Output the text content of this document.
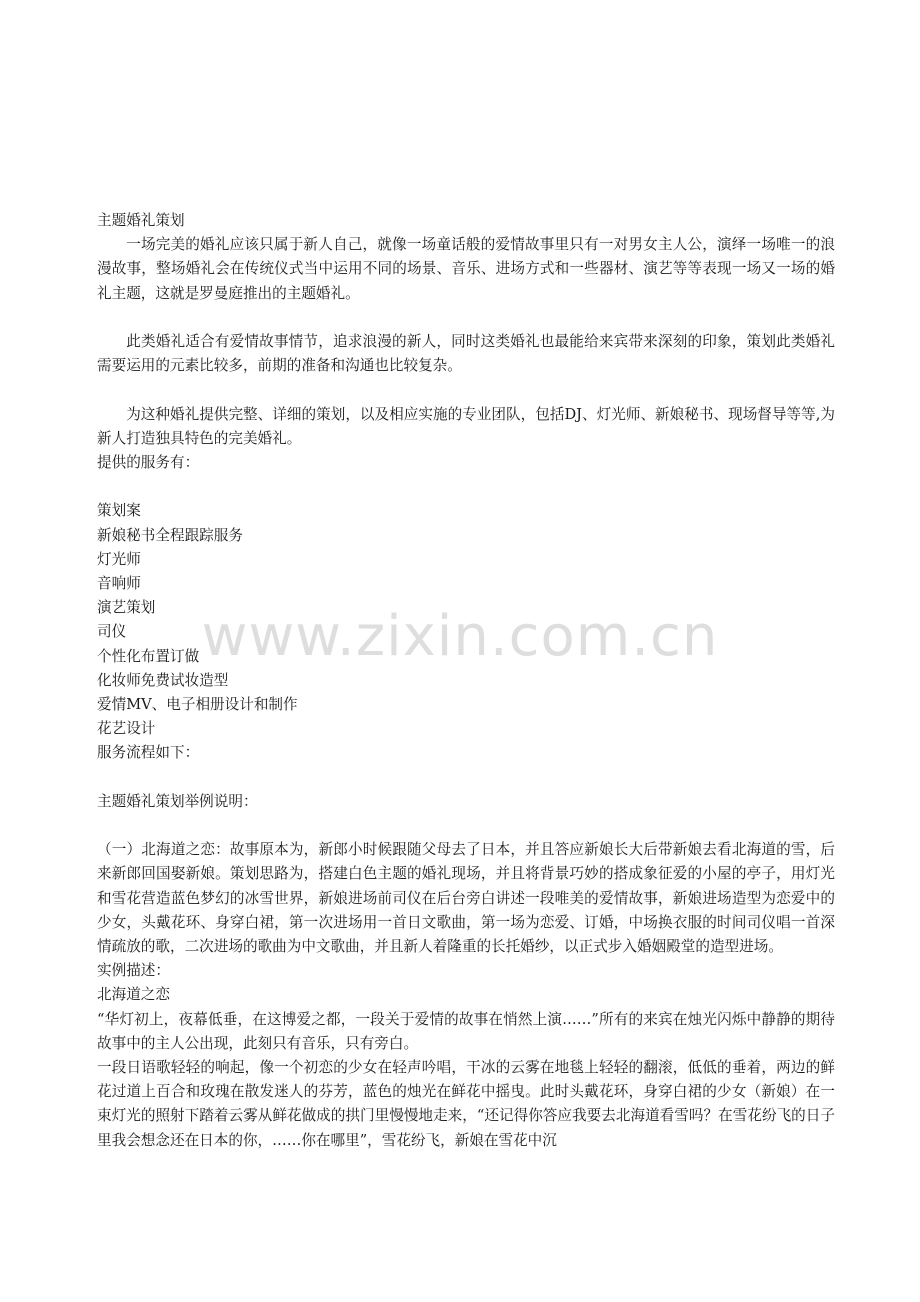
www.zixin.com.cn

主题婚礼策划

一场完美的婚礼应该只属于新人自己，就像一场童话般的爱情故事里只有一对男女主人公，演绎一场唯一的浪漫故事，整场婚礼会在传统仪式当中运用不同的场景、音乐、进场方式和一些器材、演艺等等表现一场又一场的婚礼主题，这就是罗曼庭推出的主题婚礼。

此类婚礼适合有爱情故事情节，追求浪漫的新人，同时这类婚礼也最能给来宾带来深刻的印象，策划此类婚礼需要运用的元素比较多，前期的准备和沟通也比较复杂。

为这种婚礼提供完整、详细的策划，以及相应实施的专业团队，包括DJ、灯光师、新娘秘书、现场督导等等,为新人打造独具特色的完美婚礼。

提供的服务有：

策划案

新娘秘书全程跟踪服务

灯光师

音响师

演艺策划

司仪

个性化布置订做

化妆师免费试妆造型

爱情MV、电子相册设计和制作

花艺设计

服务流程如下：

主题婚礼策划举例说明：

（一）北海道之恋：故事原本为，新郎小时候跟随父母去了日本，并且答应新娘长大后带新娘去看北海道的雪，后来新郎回国娶新娘。策划思路为，搭建白色主题的婚礼现场，并且将背景巧妙的搭成象征爱的小屋的亭子，用灯光和雪花营造蓝色梦幻的冰雪世界，新娘进场前司仪在后台旁白讲述一段唯美的爱情故事，新娘进场造型为恋爱中的少女，头戴花环、身穿白裙，第一次进场用一首日文歌曲，第一场为恋爱、订婚，中场换衣服的时间司仪唱一首深情疏放的歌，二次进场的歌曲为中文歌曲，并且新人着隆重的长托婚纱，以正式步入婚姻殿堂的造型进场。

实例描述：

北海道之恋

“华灯初上，夜幕低垂，在这博爱之都，一段关于爱情的故事在悄然上演……”所有的来宾在烛光闪烁中静静的期待故事中的主人公出现，此刻只有音乐，只有旁白。

一段日语歌轻轻的响起，像一个初恋的少女在轻声吟唱，干冰的云雾在地毯上轻轻的翻滚，低低的垂着，两边的鲜花过道上百合和玫瑰在散发迷人的芬芳，蓝色的烛光在鲜花中摇曳。此时头戴花环，身穿白裙的少女（新娘）在一束灯光的照射下踏着云雾从鲜花做成的拱门里慢慢地走来，“还记得你答应我要去北海道看雪吗？在雪花纷飞的日子里我会想念还在日本的你，……你在哪里”，雪花纷飞，新娘在雪花中沉
